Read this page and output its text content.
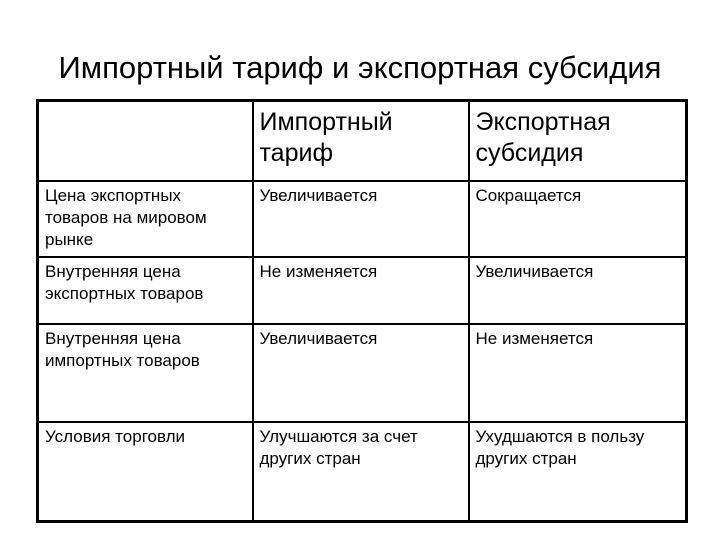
Импортный тариф и экспортная субсидия
	Импортный тариф	Экспортная субсидия
Цена экспортных товаров на мировом рынке	Увеличивается	Сокращается
Внутренняя цена экспортных товаров	Не изменяется	Увеличивается
Внутренняя цена импортных товаров	Увеличивается	Не изменяется
Условия торговли	Улучшаются за счет других стран	Ухудшаются в пользу других стран
